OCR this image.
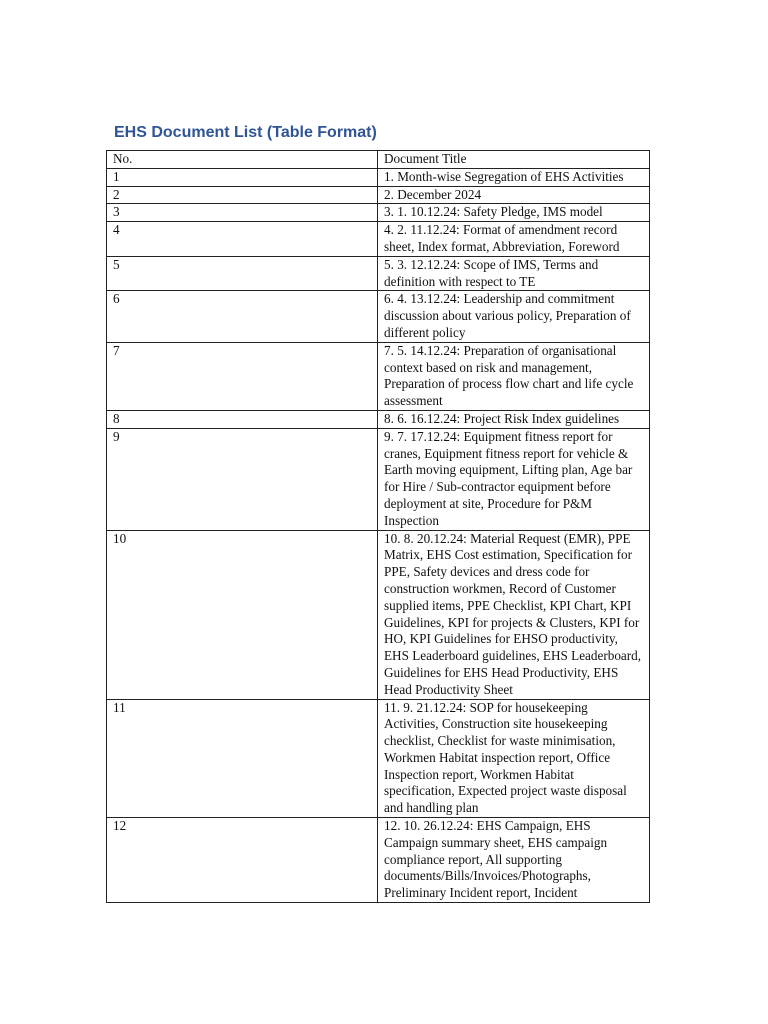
EHS Document List (Table Format)
No.	Document Title
1	1. Month-wise Segregation of EHS Activities
2	2. December 2024
3	3. 1. 10.12.24: Safety Pledge, IMS model
4	4. 2. 11.12.24: Format of amendment record sheet, Index format, Abbreviation, Foreword
5	5. 3. 12.12.24: Scope of IMS, Terms and definition with respect to TE
6	6. 4. 13.12.24: Leadership and commitment discussion about various policy, Preparation of different policy
7	7. 5. 14.12.24: Preparation of organisational context based on risk and management, Preparation of process flow chart and life cycle assessment
8	8. 6. 16.12.24: Project Risk Index guidelines
9	9. 7. 17.12.24: Equipment fitness report for cranes, Equipment fitness report for vehicle & Earth moving equipment, Lifting plan, Age bar for Hire / Sub-contractor equipment before deployment at site, Procedure for P&M Inspection
10	10. 8. 20.12.24: Material Request (EMR), PPE Matrix, EHS Cost estimation, Specification for PPE, Safety devices and dress code for construction workmen, Record of Customer supplied items, PPE Checklist, KPI Chart, KPI Guidelines, KPI for projects & Clusters, KPI for HO, KPI Guidelines for EHSO productivity, EHS Leaderboard guidelines, EHS Leaderboard, Guidelines for EHS Head Productivity, EHS Head Productivity Sheet
11	11. 9. 21.12.24: SOP for housekeeping Activities, Construction site housekeeping checklist, Checklist for waste minimisation, Workmen Habitat inspection report, Office Inspection report, Workmen Habitat specification, Expected project waste disposal and handling plan
12	12. 10. 26.12.24: EHS Campaign, EHS Campaign summary sheet, EHS campaign compliance report, All supporting documents/Bills/Invoices/Photographs, Preliminary Incident report, Incident
